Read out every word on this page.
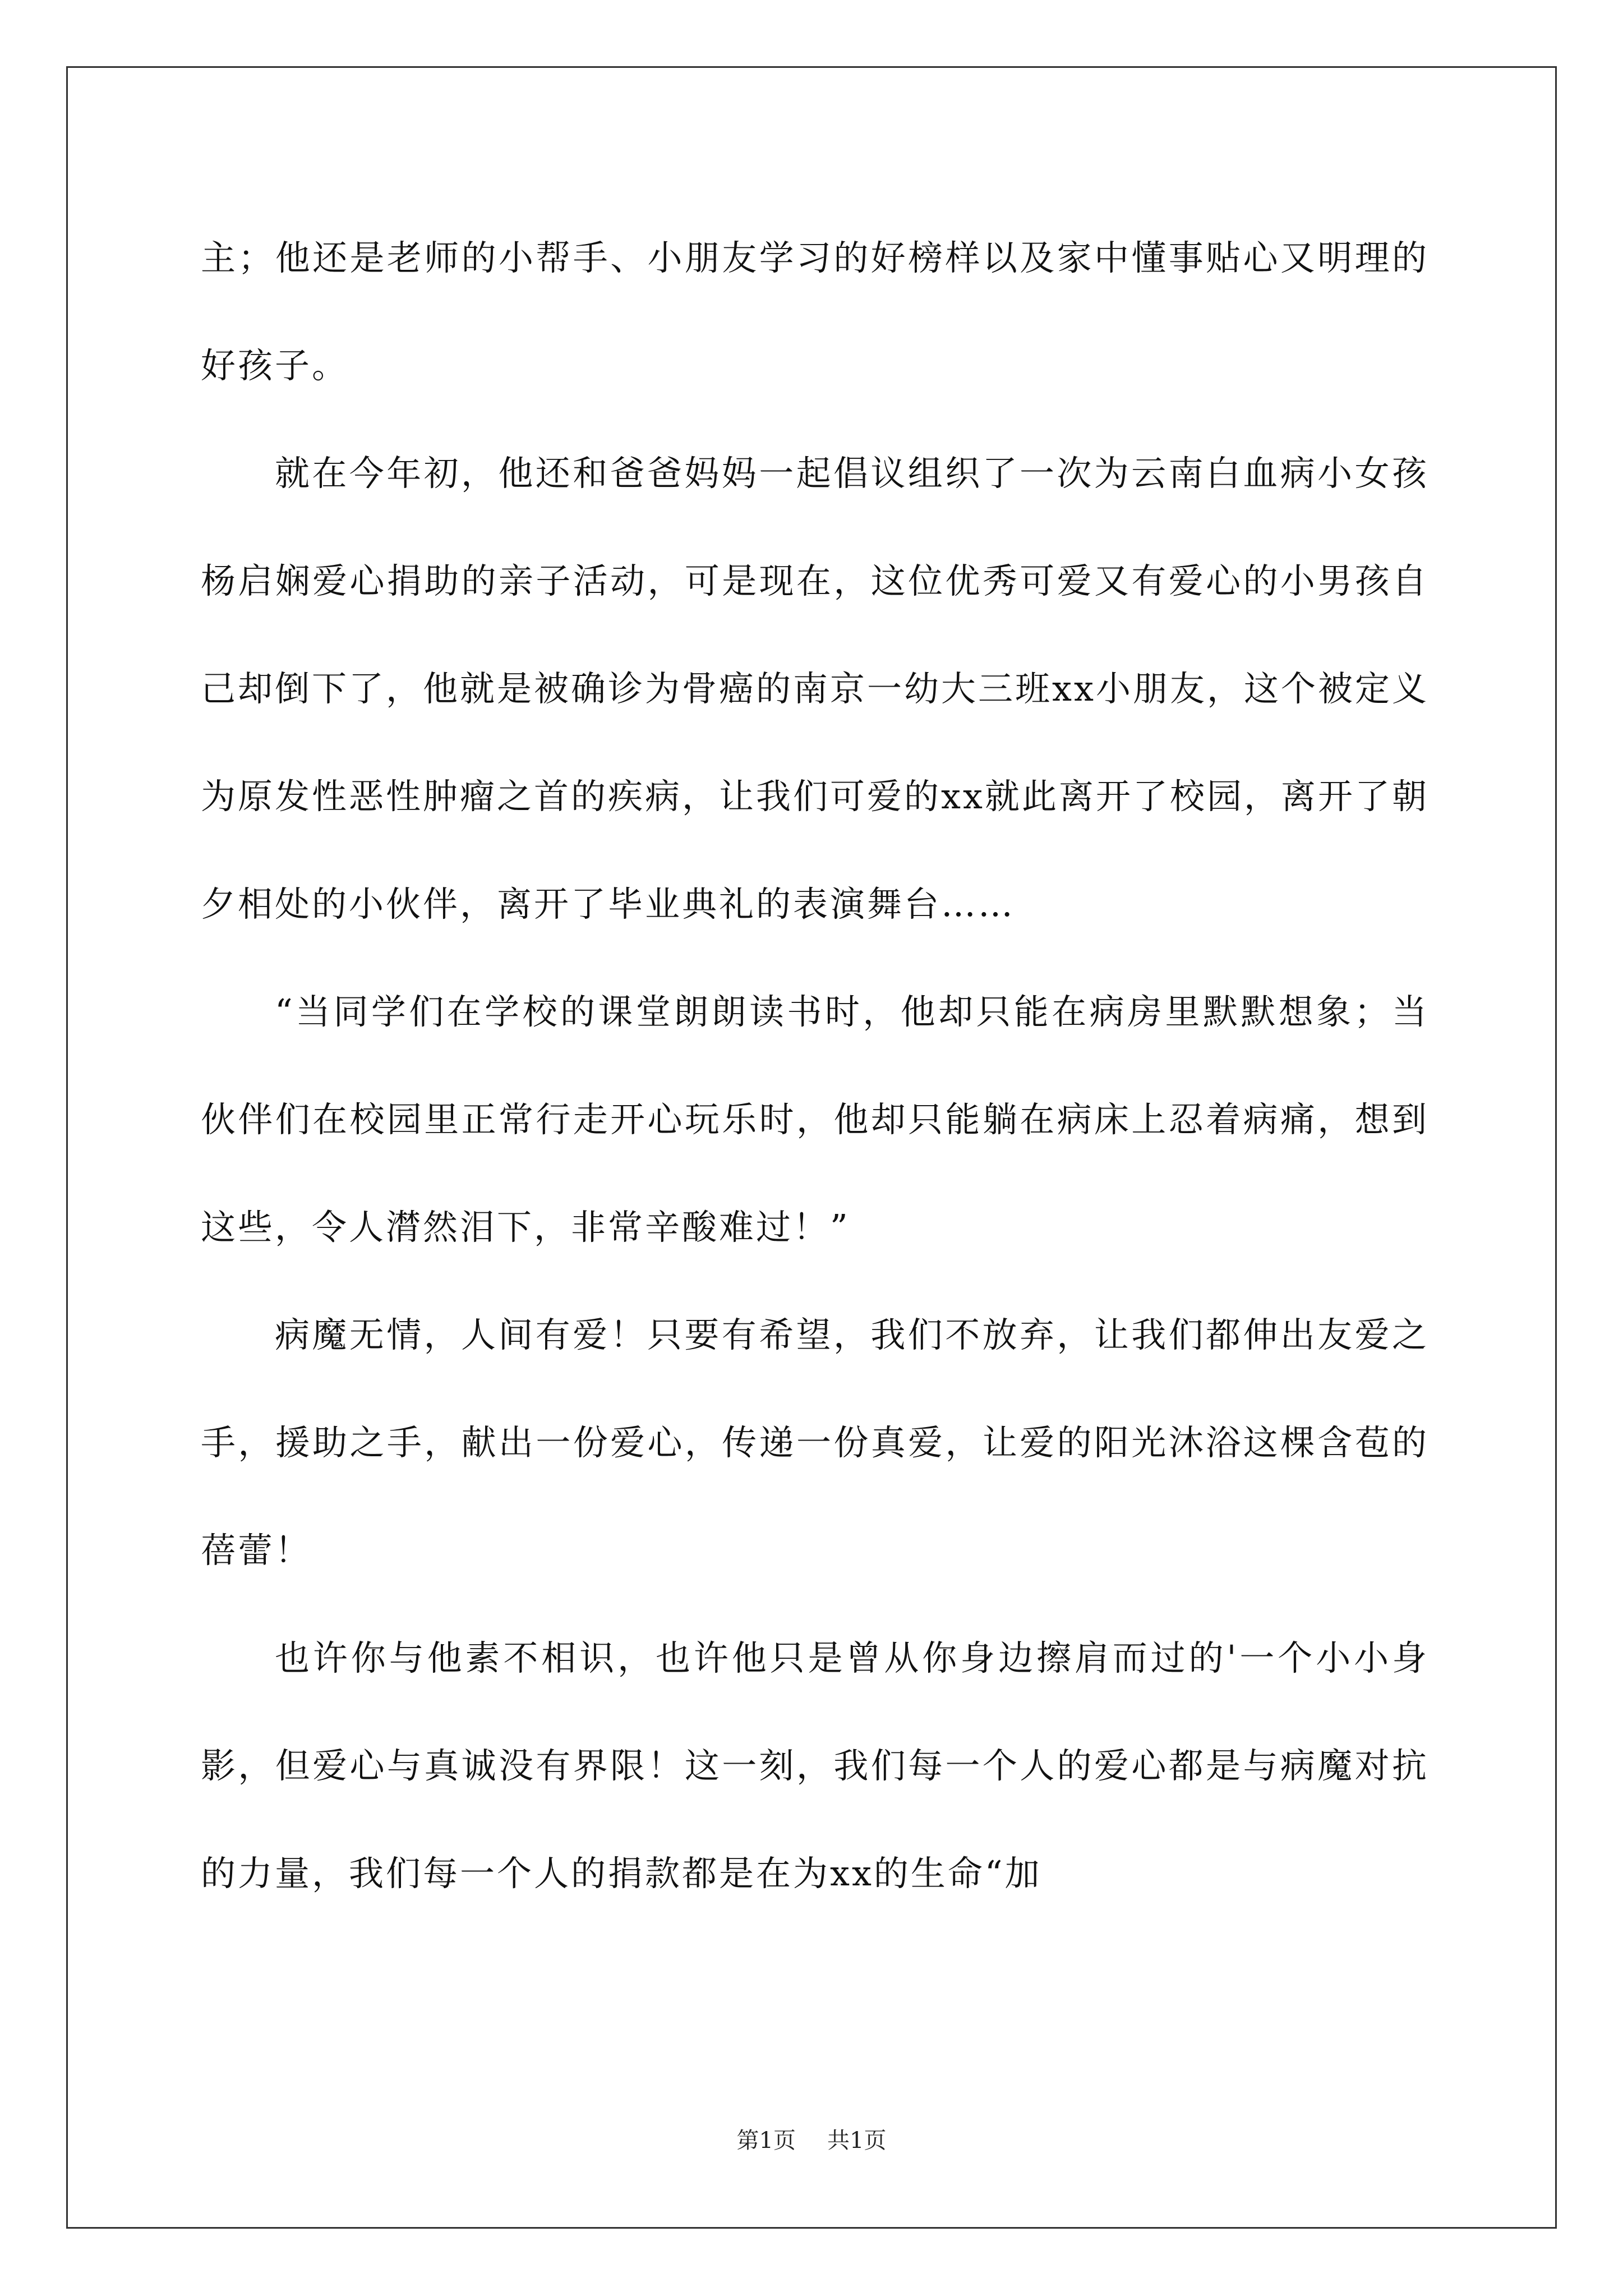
主；他还是老师的小帮手、小朋友学习的好榜样以及家中懂事贴心又明理的好孩子。

就在今年初，他还和爸爸妈妈一起倡议组织了一次为云南白血病小女孩杨启娴爱心捐助的亲子活动，可是现在，这位优秀可爱又有爱心的小男孩自己却倒下了，他就是被确诊为骨癌的南京一幼大三班xx小朋友，这个被定义为原发性恶性肿瘤之首的疾病，让我们可爱的xx就此离开了校园，离开了朝夕相处的小伙伴，离开了毕业典礼的表演舞台……

“当同学们在学校的课堂朗朗读书时，他却只能在病房里默默想象；当伙伴们在校园里正常行走开心玩乐时，他却只能躺在病床上忍着病痛，想到这些，令人潸然泪下，非常辛酸难过！”

病魔无情，人间有爱！只要有希望，我们不放弃，让我们都伸出友爱之手，援助之手，献出一份爱心，传递一份真爱，让爱的阳光沐浴这棵含苞的蓓蕾！

也许你与他素不相识，也许他只是曾从你身边擦肩而过的'一个小小身影，但爱心与真诚没有界限！这一刻，我们每一个人的爱心都是与病魔对抗的力量，我们每一个人的捐款都是在为xx的生命“加

第1页 共1页
